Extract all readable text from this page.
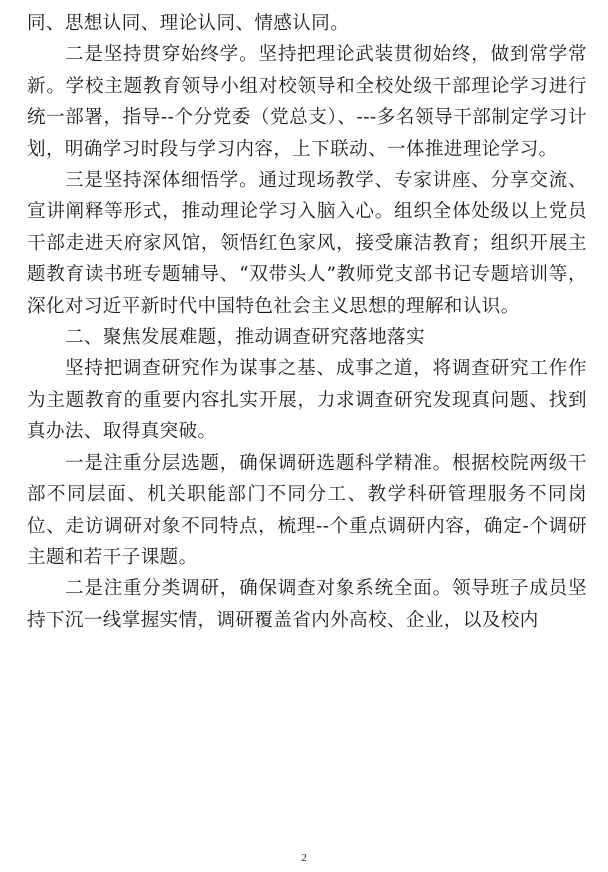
同、思想认同、理论认同、情感认同。

二是坚持贯穿始终学。坚持把理论武装贯彻始终，做到常学常新。学校主题教育领导小组对校领导和全校处级干部理论学习进行统一部署，指导--个分党委（党总支）、---多名领导干部制定学习计划，明确学习时段与学习内容，上下联动、一体推进理论学习。

三是坚持深体细悟学。通过现场教学、专家讲座、分享交流、宣讲阐释等形式，推动理论学习入脑入心。组织全体处级以上党员干部走进天府家风馆，领悟红色家风，接受廉洁教育；组织开展主题教育读书班专题辅导、“双带头人”教师党支部书记专题培训等，深化对习近平新时代中国特色社会主义思想的理解和认识。

二、聚焦发展难题，推动调查研究落地落实

坚持把调查研究作为谋事之基、成事之道，将调查研究工作作为主题教育的重要内容扎实开展，力求调查研究发现真问题、找到真办法、取得真突破。

一是注重分层选题，确保调研选题科学精准。根据校院两级干部不同层面、机关职能部门不同分工、教学科研管理服务不同岗位、走访调研对象不同特点，梳理--个重点调研内容，确定-个调研主题和若干子课题。

二是注重分类调研，确保调查对象系统全面。领导班子成员坚持下沉一线掌握实情，调研覆盖省内外高校、企业，以及校内

2
